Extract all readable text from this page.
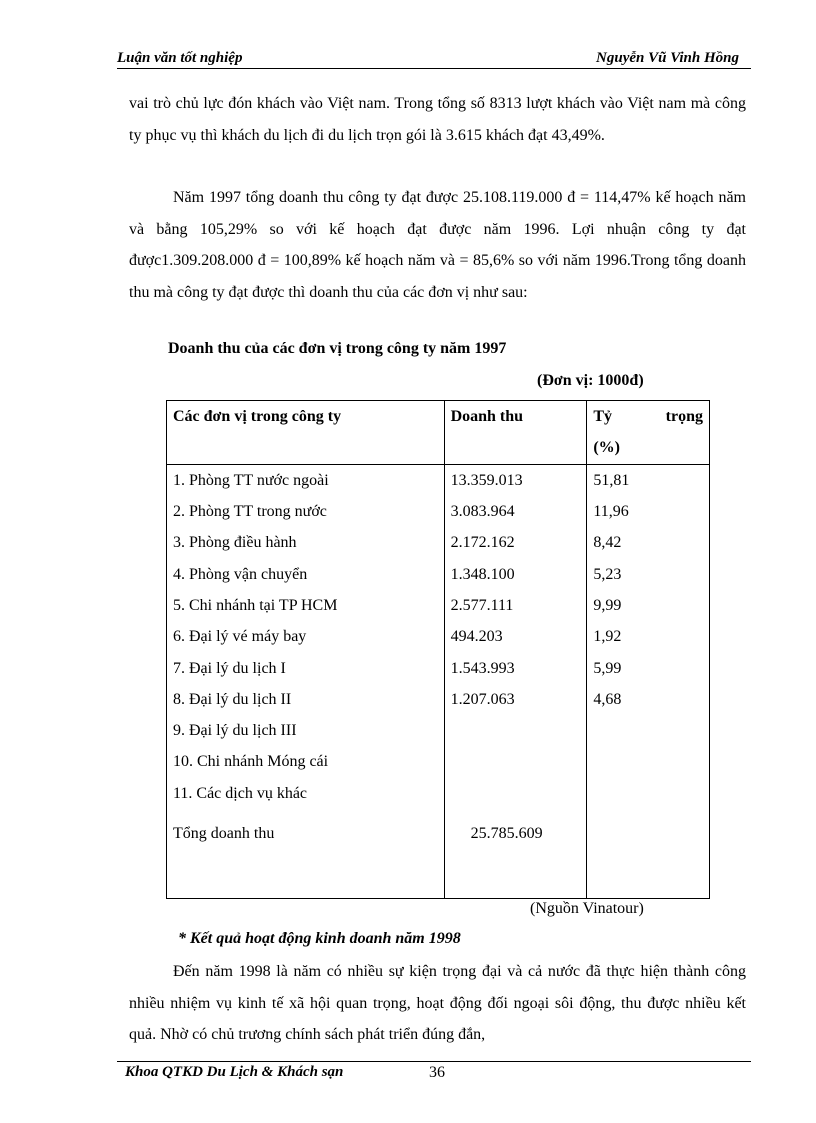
Luận văn tốt nghiệp	Nguyễn Vũ Vinh Hồng

vai trò chủ lực đón khách vào Việt nam. Trong tổng số 8313 lượt khách vào Việt nam mà công ty phục vụ thì khách du lịch đi du lịch trọn gói là 3.615 khách đạt 43,49%.

Năm 1997 tổng doanh thu công ty đạt được 25.108.119.000 đ = 114,47% kế hoạch năm và bằng 105,29% so với kế hoạch đạt được năm 1996. Lợi nhuận công ty đạt được1.309.208.000 đ = 100,89% kế hoạch năm và = 85,6% so với năm 1996.Trong tổng doanh thu mà công ty đạt được thì doanh thu của các đơn vị như sau:

Doanh thu của các đơn vị trong công ty năm 1997
(Đơn vị: 1000đ)
Các đơn vị trong công ty	Doanh thu	Tỷ trọng
(%)

1. Phòng TT nước ngoài	13.359.013	51,81
2. Phòng TT trong nước	3.083.964	11,96
3. Phòng điều hành	2.172.162	8,42
4. Phòng vận chuyển	1.348.100	5,23
5. Chi nhánh tại TP HCM	2.577.111	9,99
6. Đại lý vé máy bay	494.203	1,92
7. Đại lý du lịch I	1.543.993	5,99
8. Đại lý du lịch II	1.207.063	4,68
9. Đại lý du lịch III		
10. Chi nhánh Móng cái		
11. Các dịch vụ khác		
Tổng doanh thu	25.785.609	

(Nguồn Vinatour)
* Kết quả hoạt động kinh doanh năm 1998

Đến năm 1998 là năm có nhiều sự kiện trọng đại và cả nước đã thực hiện thành công nhiều nhiệm vụ kinh tế xã hội quan trọng, hoạt động đối ngoại sôi động, thu được nhiều kết quả. Nhờ có chủ trương chính sách phát triển đúng đắn,

Khoa QTKD Du Lịch & Khách sạn	36
